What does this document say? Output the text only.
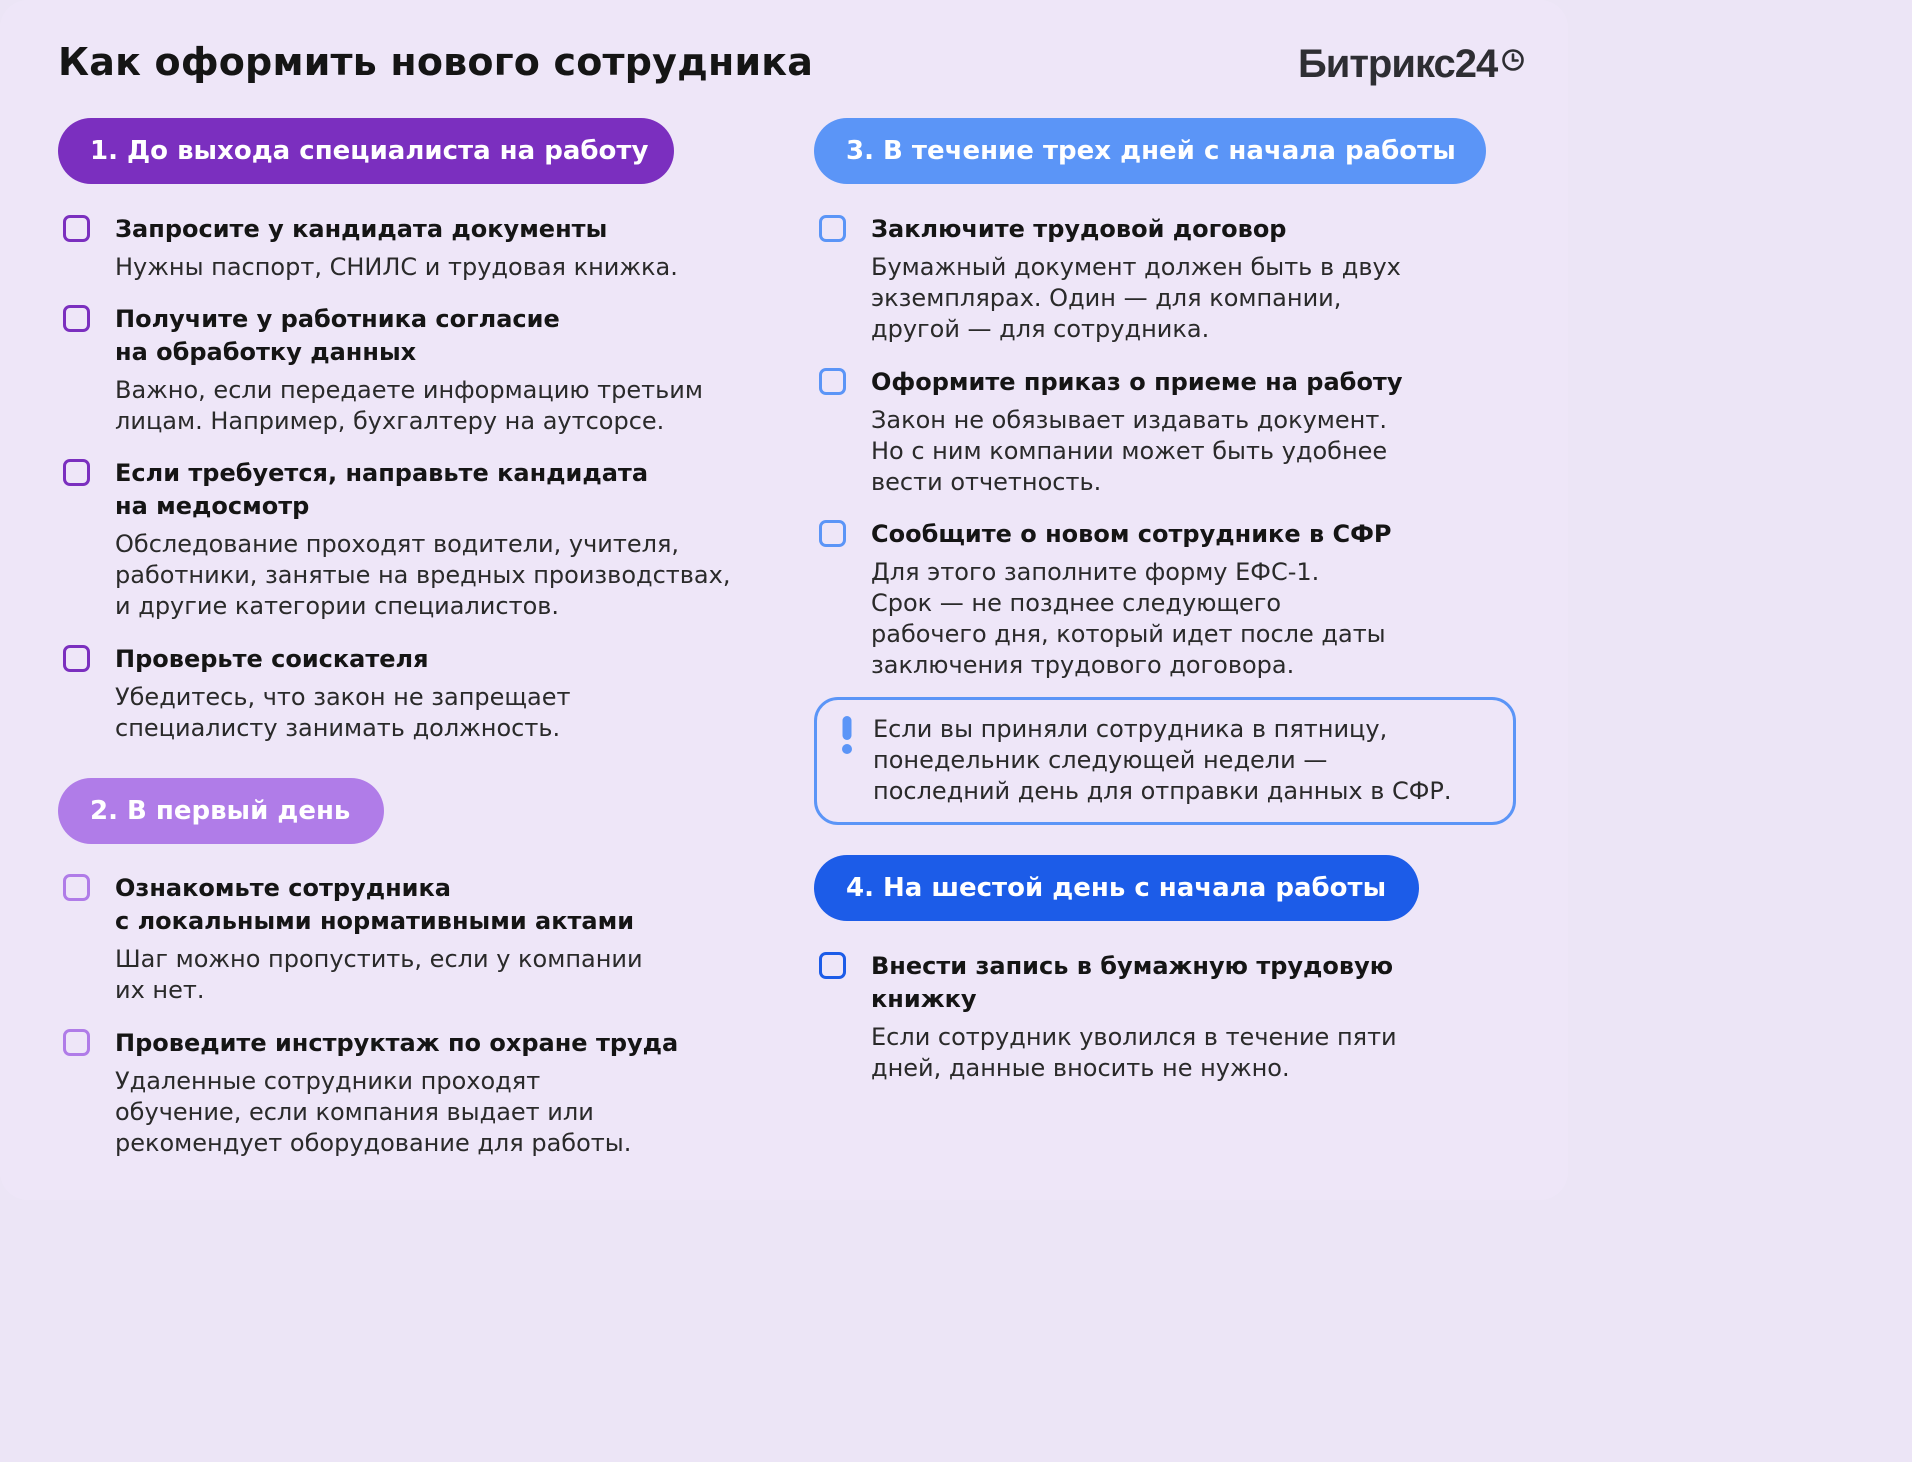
Как оформить нового сотрудника	Битрикс24
1. До выхода специалиста на работу
Запросите у кандидата документы
Нужны паспорт, СНИЛС и трудовая книжка.
Получите у работника согласие
на обработку данных
Важно, если передаете информацию третьим
лицам. Например, бухгалтеру на аутсорсе.
Если требуется, направьте кандидата
на медосмотр
Обследование проходят водители, учителя,
работники, занятые на вредных производствах,
и другие категории специалистов.
Проверьте соискателя
Убедитесь, что закон не запрещает
специалисту занимать должность.
2. В первый день
Ознакомьте сотрудника
с локальными нормативными актами
Шаг можно пропустить, если у компании
их нет.
Проведите инструктаж по охране труда
Удаленные сотрудники проходят
обучение, если компания выдает или
рекомендует оборудование для работы.
3. В течение трех дней с начала работы
Заключите трудовой договор
Бумажный документ должен быть в двух
экземплярах. Один — для компании,
другой — для сотрудника.
Оформите приказ о приеме на работу
Закон не обязывает издавать документ.
Но с ним компании может быть удобнее
вести отчетность.
Сообщите о новом сотруднике в СФР
Для этого заполните форму ЕФС-1.
Срок — не позднее следующего
рабочего дня, который идет после даты
заключения трудового договора.
Если вы приняли сотрудника в пятницу,
понедельник следующей недели —
последний день для отправки данных в СФР.
4. На шестой день с начала работы
Внести запись в бумажную трудовую
книжку
Если сотрудник уволился в течение пяти
дней, данные вносить не нужно.
